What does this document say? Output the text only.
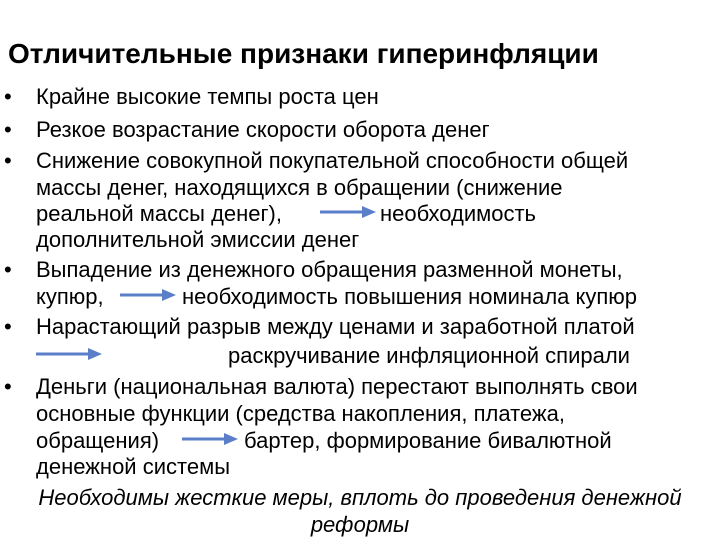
Отличительные признаки гиперинфляции
• Крайне высокие темпы роста цен
• Резкое возрастание скорости оборота денег
• Снижение совокупной покупательной способности общей
массы денег, находящихся в обращении (снижение
реальной массы денег),	необходимость
дополнительной эмиссии денег
• Выпадение из денежного обращения разменной монеты,
купюр,	необходимость повышения номинала купюр
• Нарастающий разрыв между ценами и заработной платой
раскручивание инфляционной спирали
• Деньги (национальная валюта) перестают выполнять свои
основные функции (средства накопления, платежа,
обращения)	бартер, формирование бивалютной
денежной системы
Необходимы жесткие меры, вплоть до проведения денежной
реформы
